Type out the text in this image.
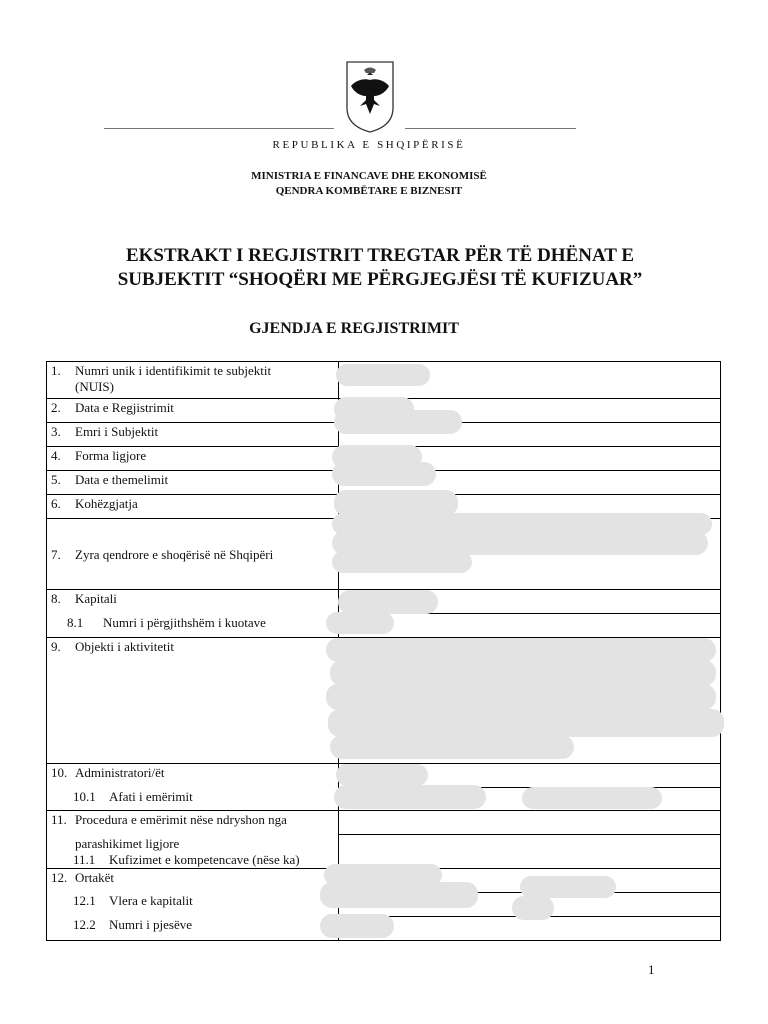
REPUBLIKA E SHQIPËRISË
MINISTRIA E FINANCAVE DHE EKONOMISË
QENDRA KOMBËTARE E BIZNESIT
EKSTRAKT I REGJISTRIT TREGTAR PËR TË DHËNAT E
SUBJEKTIT “SHOQËRI ME PËRGJEGJËSI TË KUFIZUAR”
GJENDJA E REGJISTRIMIT
1. Numri unik i identifikimit te subjektit
(NUIS)	

2. Data e Regjistrimit	
3. Emri i Subjektit	
4. Forma ligjore	
5. Data e themelimit	
6. Kohëzgjatja	
7. Zyra qendrore e shoqërisë në Shqipëri	
8. Kapitali	
8.1 Numri i përgjithshëm i kuotave	
9. Objekti i aktivitetit	
10. Administratori/ët	
10.1 Afati i emërimit	
11. Procedura e emërimit nëse ndryshon nga	

parashikimet ligjore
11.1 Kufizimet e kompetencave (nëse ka)	
12. Ortakët	
12.1 Vlera e kapitalit	
12.2 Numri i pjesëve	
1
